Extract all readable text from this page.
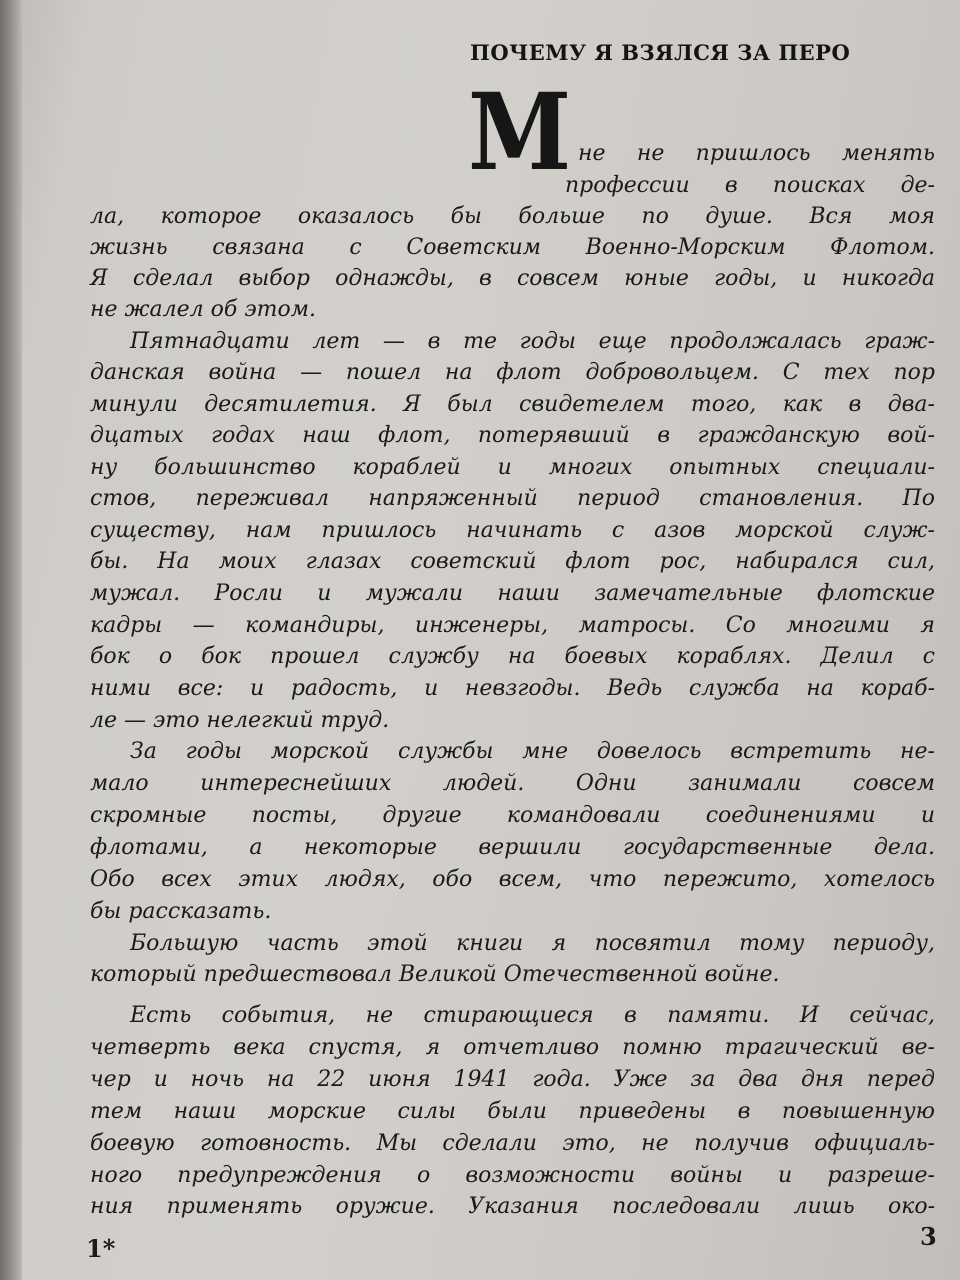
ПОЧЕМУ Я ВЗЯЛСЯ ЗА ПЕРО
М не не пришлось менять
профессии в поисках де-
ла, которое оказалось бы больше по душе. Вся моя
жизнь связана с Советским Военно-Морским Флотом.
Я сделал выбор однажды, в совсем юные годы, и никогда
не жалел об этом.
Пятнадцати лет — в те годы еще продолжалась граж-
данская война — пошел на флот добровольцем. С тех пор
минули десятилетия. Я был свидетелем того, как в два-
дцатых годах наш флот, потерявший в гражданскую вой-
ну большинство кораблей и многих опытных специали-
стов, переживал напряженный период становления. По
существу, нам пришлось начинать с азов морской служ-
бы. На моих глазах советский флот рос, набирался сил,
мужал. Росли и мужали наши замечательные флотские
кадры — командиры, инженеры, матросы. Со многими я
бок о бок прошел службу на боевых кораблях. Делил с
ними все: и радость, и невзгоды. Ведь служба на кораб-
ле — это нелегкий труд.
За годы морской службы мне довелось встретить не-
мало интереснейших людей. Одни занимали совсем
скромные посты, другие командовали соединениями и
флотами, а некоторые вершили государственные дела.
Обо всех этих людях, обо всем, что пережито, хотелось
бы рассказать.
Большую часть этой книги я посвятил тому периоду,
который предшествовал Великой Отечественной войне.
Есть события, не стирающиеся в памяти. И сейчас,
четверть века спустя, я отчетливо помню трагический ве-
чер и ночь на 22 июня 1941 года. Уже за два дня перед
тем наши морские силы были приведены в повышенную
боевую готовность. Мы сделали это, не получив официаль-
ного предупреждения о возможности войны и разреше-
ния применять оружие. Указания последовали лишь око-
1*	3
